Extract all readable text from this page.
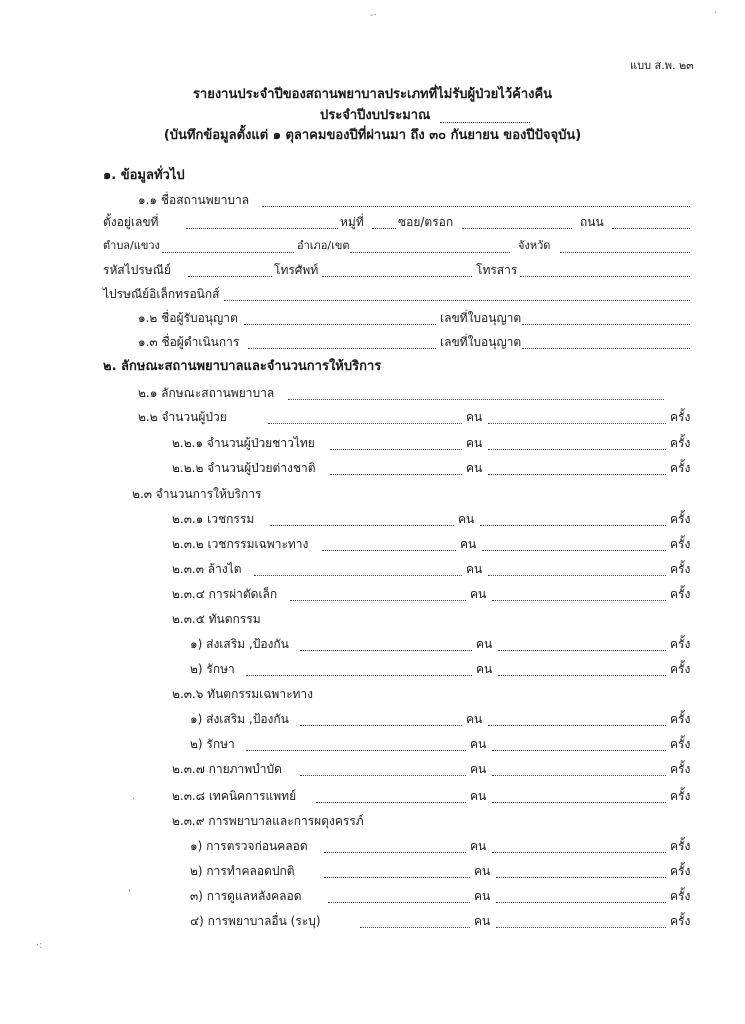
แบบ ส.พ. ๒๓
รายงานประจำปีของสถานพยาบาลประเภทที่ไม่รับผู้ป่วยไว้ค้างคืน
ประจำปีงบประมาณ
(บันทึกข้อมูลตั้งแต่ ๑ ตุลาคมของปีที่ผ่านมา ถึง ๓๐ กันยายน ของปีปัจจุบัน)
๑. ข้อมูลทั่วไป
๑.๑ ชื่อสถานพยาบาล
ตั้งอยู่เลขที่	หมู่ที่	ซอย/ตรอก	ถนน
ตำบล/แขวง	อำเภอ/เขต	จังหวัด
รหัสไปรษณีย์	โทรศัพท์	โทรสาร
ไปรษณีย์อิเล็กทรอนิกส์
๑.๒ ชื่อผู้รับอนุญาต	เลขที่ใบอนุญาต
๑.๓ ชื่อผู้ดำเนินการ	เลขที่ใบอนุญาต
๒. ลักษณะสถานพยาบาลและจำนวนการให้บริการ
๒.๑ ลักษณะสถานพยาบาล
๒.๒ จำนวนผู้ป่วย	คน	ครั้ง
๒.๒.๑ จำนวนผู้ป่วยชาวไทย	คน	ครั้ง
๒.๒.๒ จำนวนผู้ป่วยต่างชาติ	คน	ครั้ง
๒.๓ จำนวนการให้บริการ
๒.๓.๑ เวชกรรม	คน	ครั้ง
๒.๓.๒ เวชกรรมเฉพาะทาง	คน	ครั้ง
๒.๓.๓ ล้างไต	คน	ครั้ง
๒.๓.๔ การผ่าตัดเล็ก	คน	ครั้ง
๒.๓.๕ ทันตกรรม
๑) ส่งเสริม ,ป้องกัน	คน	ครั้ง
๒) รักษา	คน	ครั้ง
๒.๓.๖ ทันตกรรมเฉพาะทาง
๑) ส่งเสริม ,ป้องกัน	คน	ครั้ง
๒) รักษา	คน	ครั้ง
๒.๓.๗ กายภาพบำบัด	คน	ครั้ง
๒.๓.๘ เทคนิคการแพทย์	คน	ครั้ง
๒.๓.๙ การพยาบาลและการผดุงครรภ์
๑) การตรวจก่อนคลอด	คน	ครั้ง
๒) การทำคลอดปกติ	คน	ครั้ง
๓) การดูแลหลังคลอด	คน	ครั้ง
๔) การพยาบาลอื่น (ระบุ)	คน	ครั้ง
-·	·
·:
·
'
